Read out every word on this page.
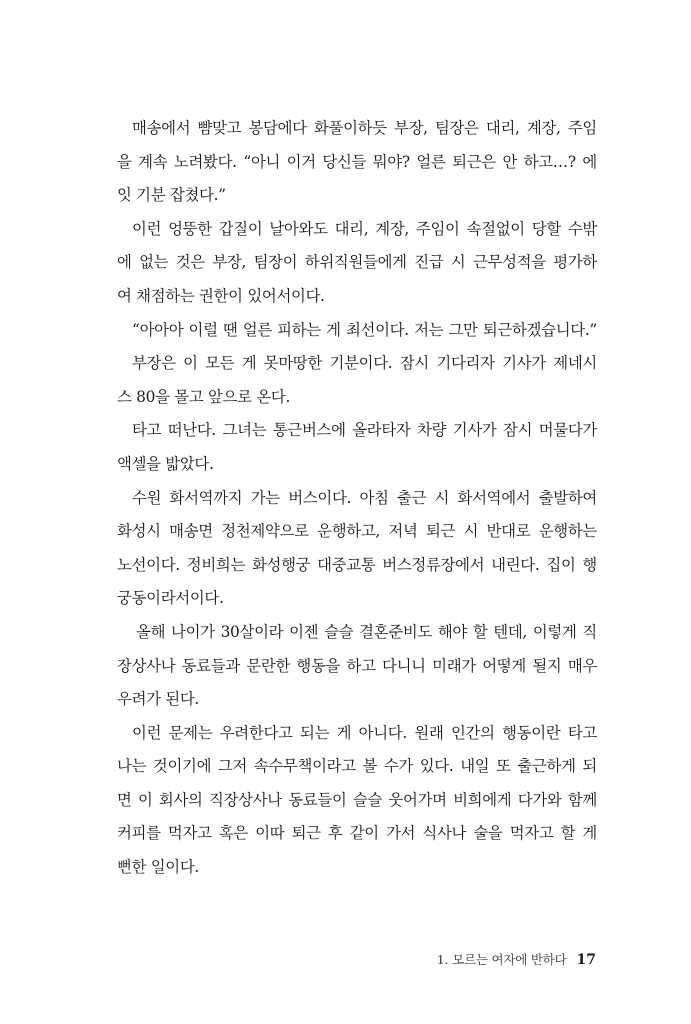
매송에서 뺨맞고 봉담에다 화풀이하듯 부장, 팀장은 대리, 계장, 주임
을 계속 노려봤다. “아니 이거 당신들 뭐야? 얼른 퇴근은 안 하고…? 에
잇 기분 잡쳤다.”
이런 엉뚱한 갑질이 날아와도 대리, 계장, 주임이 속절없이 당할 수밖
에 없는 것은 부장, 팀장이 하위직원들에게 진급 시 근무성적을 평가하
여 채점하는 권한이 있어서이다.
“아아아 이럴 땐 얼른 피하는 게 최선이다. 저는 그만 퇴근하겠습니다.”
부장은 이 모든 게 못마땅한 기분이다. 잠시 기다리자 기사가 제네시
스 80을 몰고 앞으로 온다.
타고 떠난다. 그녀는 통근버스에 올라타자 차량 기사가 잠시 머물다가
액셀을 밟았다.
수원 화서역까지 가는 버스이다. 아침 출근 시 화서역에서 출발하여
화성시 매송면 정천제약으로 운행하고, 저녁 퇴근 시 반대로 운행하는
노선이다. 정비희는 화성행궁 대중교통 버스정류장에서 내린다. 집이 행
궁동이라서이다.
올해 나이가 30살이라 이젠 슬슬 결혼준비도 해야 할 텐데, 이렇게 직
장상사나 동료들과 문란한 행동을 하고 다니니 미래가 어떻게 될지 매우
우려가 된다.
이런 문제는 우려한다고 되는 게 아니다. 원래 인간의 행동이란 타고
나는 것이기에 그저 속수무책이라고 볼 수가 있다. 내일 또 출근하게 되
면 이 회사의 직장상사나 동료들이 슬슬 웃어가며 비희에게 다가와 함께
커피를 먹자고 혹은 이따 퇴근 후 같이 가서 식사나 술을 먹자고 할 게
뻔한 일이다.
1. 모르는 여자에 반하다 17
